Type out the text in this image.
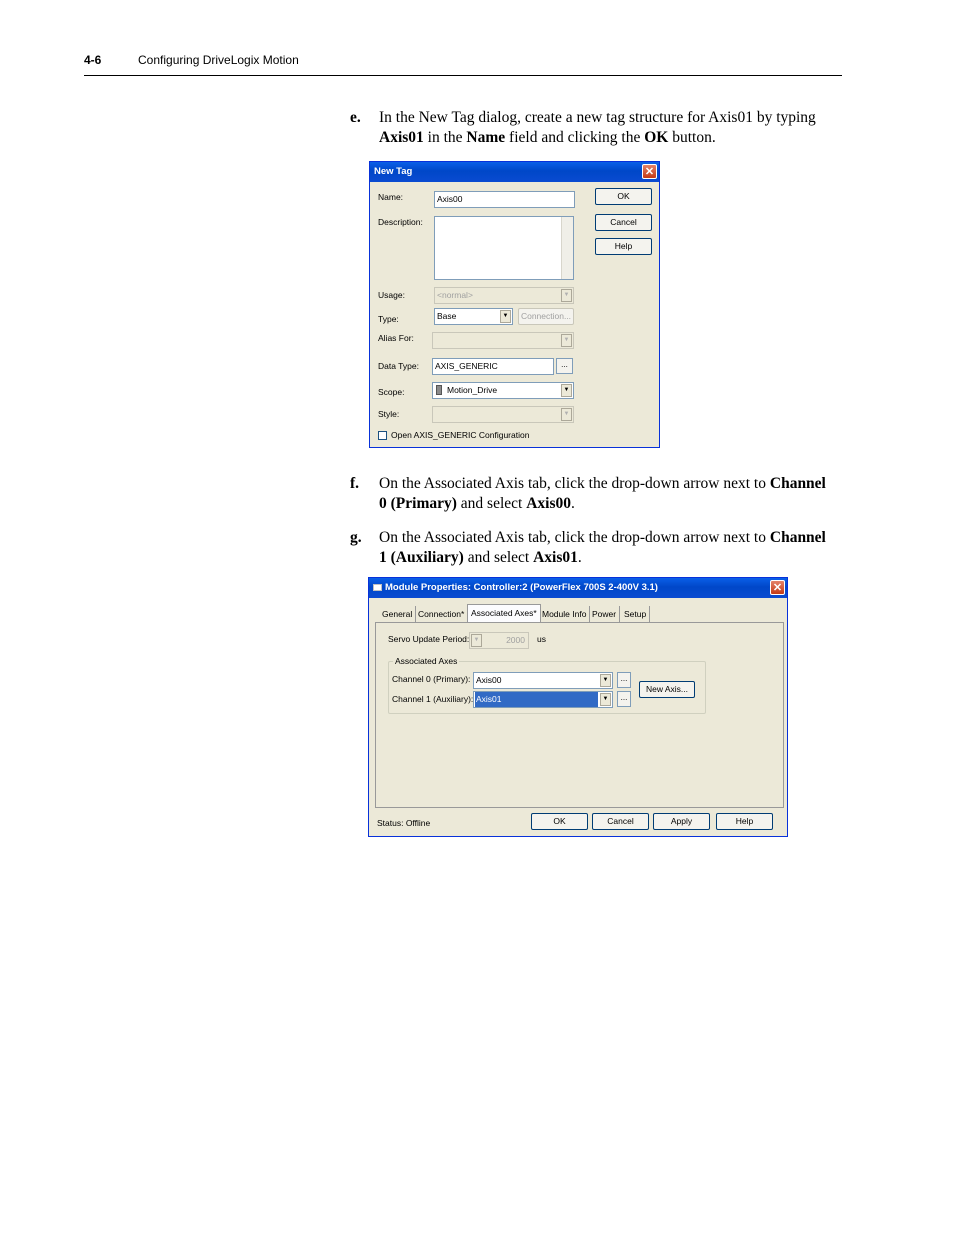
4-6	Configuring DriveLogix Motion
e. In the New Tag dialog, create a new tag structure for Axis01 by typing Axis01 in the Name field and clicking the OK button.
New Tag	✕
Name:	Axis00
Description:
Usage:	<normal>	▼
Type:	Base	▼	Connection...
Alias For:	▼
Data Type:	AXIS_GENERIC	...
Scope:	Motion_Drive	▼
Style:	▼
Open AXIS_GENERIC Configuration
OK
Cancel
Help
f. On the Associated Axis tab, click the drop-down arrow next to Channel 0 (Primary) and select Axis00.
g. On the Associated Axis tab, click the drop-down arrow next to Channel 1 (Auxiliary) and select Axis01.
Module Properties: Controller:2 (PowerFlex 700S 2-400V 3.1)	✕
General Connection* Associated Axes* Module Info Power Setup
Servo Update Period: ▼	2000	us
Associated Axes
Channel 0 (Primary): Axis00	▼	...
Channel 1 (Auxiliary): Axis01	▼	...
New Axis...
Status: Offline	OK	Cancel	Apply	Help
